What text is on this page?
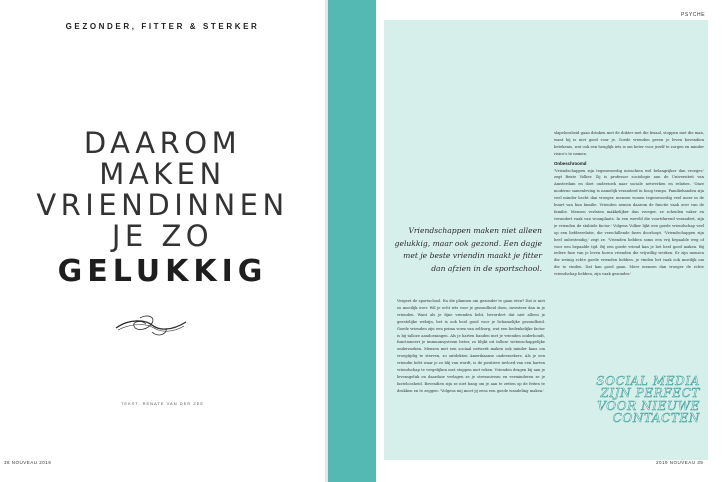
GEZONDER, FITTER & STERKER
DAAROM
MAKEN
VRIENDINNEN
JE ZO
GELUKKIG
TEKST: RENATE VAN DER ZEE
38 NOUVEAU 2019
PSYCHE
Vriendschappen maken niet alleen gelukkig, maar ook gezond. Een dagje met je beste vriendin maakt je fitter dan afzien in de sportschool.
Vergeet de sportschool. En die plannen om gezonder te gaan eten? Dat is niet zo moeilijk over. Wil je echt iets voor je gezondheid doen, investeer dan in je vrienden. Want als je fijne vrienden hebt, bevordert dat niet alleen je geestelijke welzijn, het is ook heel goed voor je lichamelijke gezondheid. Goede vrienden zijn een prima vorm van zelfzorg, wat een bedenkelijke factor is bij talloze aandoeningen. Als je harten banden met je vrienden onderhoudt, functioneert je immuunsysteem beter, zo blijkt uit talloze wetenschappelijke onderzoeken. Mensen met een sociaal netwerk maken ook minder kans om vroegtijdig te sterven, zo ontdekten Amerikaanse onderzoekers. Als je een vriendin hebt waar je zo blij van wordt, is de positieve invloed van een harten vriendschap te vergelijken met stoppen met roken. Vrienden dragen bij aan je levensgeluk en daardoor verlagen ze je stressniveau en verminderen ze je lusteloosheid. Bovendien zijn ze niet bang om je aan te zetten op de feiten te drukken en te zeggen: 'Volgens mij moet jij eens een goede wandeling maken.'
slapeloosheid gaan drinken met de dokter met die kwaal, stoppen met die man, want hij is niet goed voor je. Goede vrienden geven je leven bovendien betekenis, wat ook een heuglijk iets is om beter voor jezelf te zorgen en minder risico's te nemen.
Onbeschroomd
'Vriendschappen zijn tegenwoordig misschien wel belangrijker dan vroeger,' zegt Beate Volker. Zij is professor sociologie aan de Universiteit van Amsterdam en doet onderzoek naar sociale netwerken en relaties. 'Onze moderne samenleving is namelijk veranderd in hoog tempo. Familiebanden zijn veel minder hecht dan vroeger, mensen wonen tegenwoordig veel meer in de buurt van hun familie. Vrienden nemen daarom de functie vaak over van de familie. Mensen verlaten makkelijker dan vroeger, ze scheiden vaker en verandert vaak van woonplaats. In een wereld die voortdurend verandert, zijn je vrienden de stabiele factor.' Volgens Volker lijkt een goede vriendschap veel op een liefdesrelatie, die verschillende fases doorloopt. 'Vriendschappen zijn heel onbestendig,' zegt ze. 'Vrienden hebben soms een vrij bepaalde weg of voor een bepaalde tijd. Bij een goede vriend kan je het heel goed maken. Bij iedere fase van je leven horen vrienden die vrijwillig werken. Er zijn mensen die weinig echte goede vrienden hebben, je vinden het vaak ook moeilijk om die te vinden. Dat kan goed gaan. Meer mensen dan vroeger de echte vriendschap hebben, zijn vaak gezonder.'
SOCIAL MEDIA
ZIJN PERFECT
VOOR NIEUWE
CONTACTEN
2019 NOUVEAU 39
